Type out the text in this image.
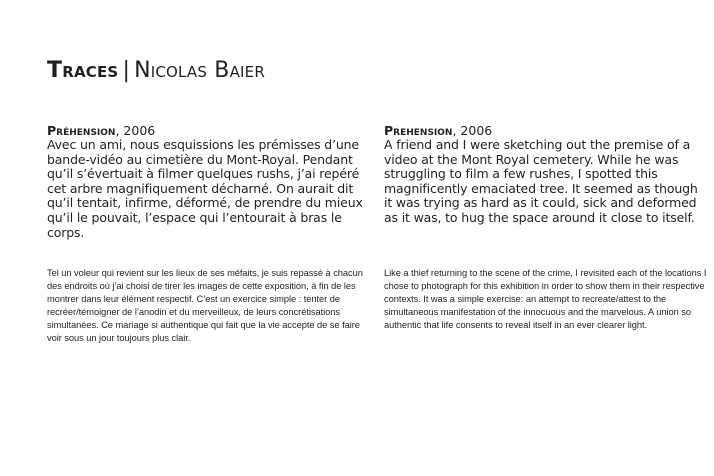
Traces | Nicolas Baier
Préhension, 2006

Avec un ami, nous esquissions les prémisses d’une bande-vidéo au cimetière du Mont-Royal. Pendant qu’il s’évertuait à filmer quelques rushs, j’ai repéré cet arbre magnifiquement décharné. On aurait dit qu’il tentait, infirme, déformé, de prendre du mieux qu’il le pouvait, l’espace qui l’entourait à bras le corps.

Prehension, 2006

A friend and I were sketching out the premise of a video at the Mont Royal cemetery. While he was struggling to film a few rushes, I spotted this magnificently emaciated tree. It seemed as though it was trying as hard as it could, sick and deformed as it was, to hug the space around it close to itself.

Tel un voleur qui revient sur les lieux de ses méfaits, je suis repassé à chacun des endroits où j’ai choisi de tirer les images de cette exposition, à fin de les montrer dans leur élément respectif. C’est un exercice simple : tenter de recréer/témoigner de l’anodin et du merveilleux, de leurs concrétisations simultanées. Ce mariage si authentique qui fait que la vie accepte de se faire voir sous un jour toujours plus clair.

Like a thief returning to the scene of the crime, I revisited each of the locations I chose to photograph for this exhibition in order to show them in their respective contexts. It was a simple exercise: an attempt to recreate/attest to the simultaneous manifestation of the innocuous and the marvelous. A union so authentic that life consents to reveal itself in an ever clearer light.
